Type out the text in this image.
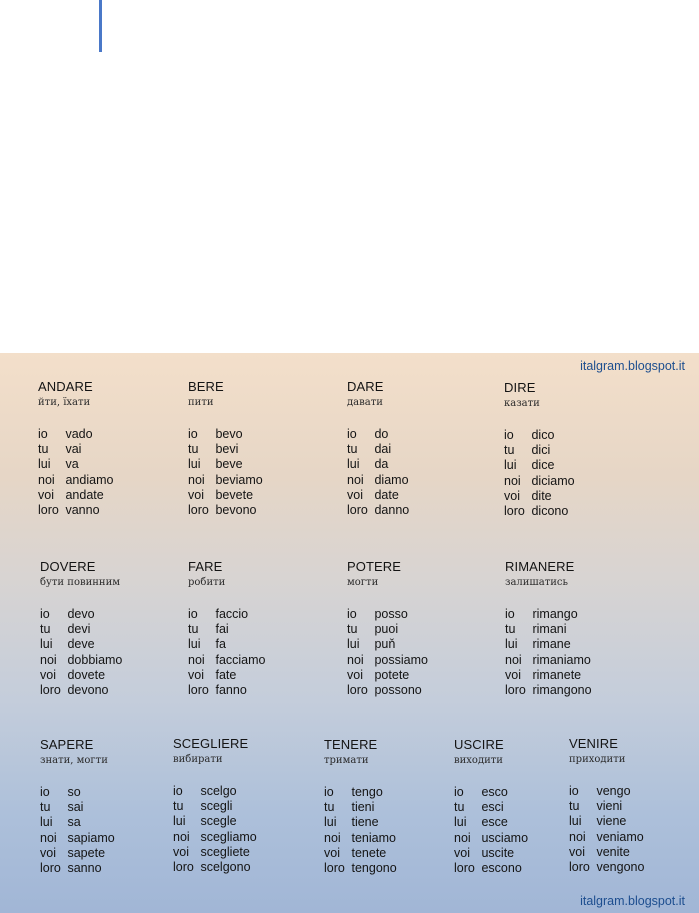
italgram.blogspot.it
ANDARE
йти, їхати
io vado
tu vai
lui va
noi andiamo
voi andate
loro vanno
BERE
пити
io bevo
tu bevi
lui beve
noi beviamo
voi bevete
loro bevono
DARE
давати
io do
tu dai
lui da
noi diamo
voi date
loro danno
DIRE
казати
io dico
tu dici
lui dice
noi diciamo
voi dite
loro dicono
DOVERE
бути повинним
io devo
tu devi
lui deve
noi dobbiamo
voi dovete
loro devono
FARE
робити
io faccio
tu fai
lui fa
noi facciamo
voi fate
loro fanno
POTERE
могти
io posso
tu puoi
lui puň
noi possiamo
voi potete
loro possono
RIMANERE
залишатись
io rimango
tu rimani
lui rimane
noi rimaniamo
voi rimanete
loro rimangono
SAPERE
знати, могти
io so
tu sai
lui sa
noi sapiamo
voi sapete
loro sanno
SCEGLIERE
вибирати
io scelgo
tu scegli
lui scegle
noi scegliamo
voi scegliete
loro scelgono
TENERE
тримати
io tengo
tu tieni
lui tiene
noi teniamo
voi tenete
loro tengono
USCIRE
виходити
io esco
tu esci
lui esce
noi usciamo
voi uscite
loro escono
VENIRE
приходити
io vengo
tu vieni
lui viene
noi veniamo
voi venite
loro vengono
italgram.blogspot.it
